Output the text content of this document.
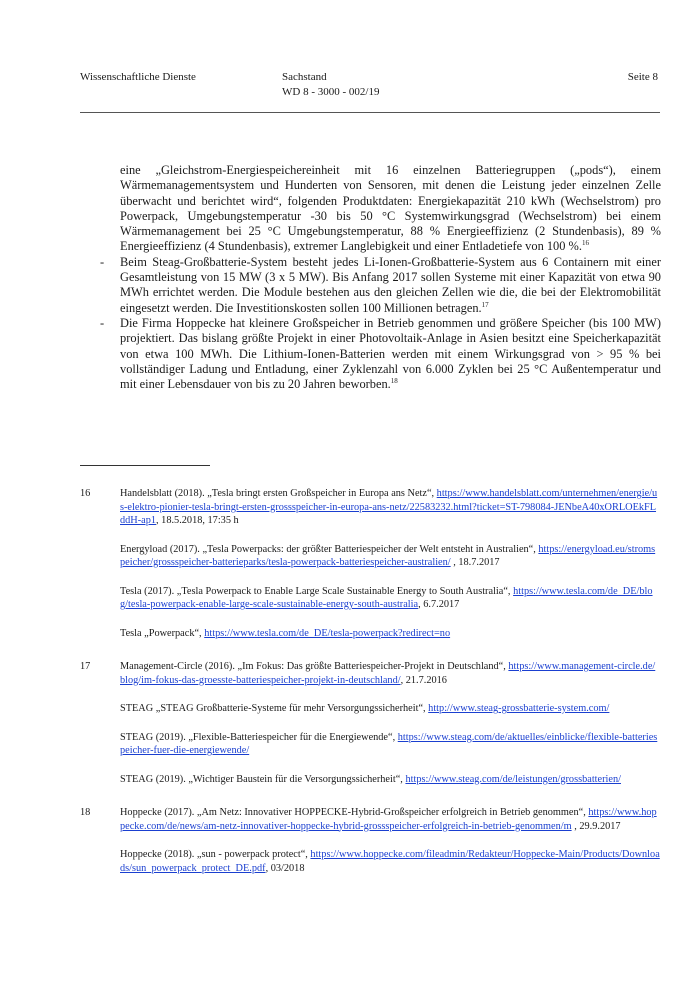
Wissenschaftliche Dienste	Sachstand
WD 8 - 3000 - 002/19
Seite 8

eine „Gleichstrom-Energiespeichereinheit mit 16 einzelnen Batteriegruppen („pods“), einem Wärmemanagementsystem und Hunderten von Sensoren, mit denen die Leistung jeder einzelnen Zelle überwacht und berichtet wird“, folgenden Produktdaten: Energiekapazität 210 kWh (Wechselstrom) pro Powerpack, Umgebungstemperatur -30 bis 50 °C Systemwirkungsgrad (Wechselstrom) bei einem Wärmemanagement bei 25 °C Umgebungstemperatur, 88 % Energieeffizienz (2 Stundenbasis), 89 % Energieeffizienz (4 Stundenbasis), extremer Langlebigkeit und einer Entladetiefe von 100 %.$^{16}$

- Beim Steag-Großbatterie-System besteht jedes Li-Ionen-Großbatterie-System aus 6 Containern mit einer Gesamtleistung von 15 MW (3 x 5 MW). Bis Anfang 2017 sollen Systeme mit einer Kapazität von etwa 90 MWh errichtet werden. Die Module bestehen aus den gleichen Zellen wie die, die bei der Elektromobilität eingesetzt werden. Die Investitionskosten sollen 100 Millionen betragen.$^{17}$

- Die Firma Hoppecke hat kleinere Großspeicher in Betrieb genommen und größere Speicher (bis 100 MW) projektiert. Das bislang größte Projekt in einer Photovoltaik-Anlage in Asien besitzt eine Speicherkapazität von etwa 100 MWh. Die Lithium-Ionen-Batterien werden mit einem Wirkungsgrad von > 95 % bei vollständiger Ladung und Entladung, einer Zyklenzahl von 6.000 Zyklen bei 25 °C Außentemperatur und mit einer Lebensdauer von bis zu 20 Jahren beworben.$^{18}$

16	Handelsblatt (2018). „Tesla bringt ersten Großspeicher in Europa ans Netz“, https://www.handelsblatt.com/unternehmen/energie/us-elektro-pionier-tesla-bringt-ersten-grossspeicher-in-europa-ans-netz/22583232.html?ticket=ST-798084-JENbeA40xORLOEkFLddH-ap1, 18.5.2018, 17:35 h

Energyload (2017). „Tesla Powerpacks: der größter Batteriespeicher der Welt entsteht in Australien“, https://energyload.eu/stromspeicher/grossspeicher-batterieparks/tesla-powerpack-batteriespeicher-australien/ , 18.7.2017

Tesla (2017). „Tesla Powerpack to Enable Large Scale Sustainable Energy to South Australia“, https://www.tesla.com/de_DE/blog/tesla-powerpack-enable-large-scale-sustainable-energy-south-australia, 6.7.2017

Tesla „Powerpack“, https://www.tesla.com/de_DE/tesla-powerpack?redirect=no

17	Management-Circle (2016). „Im Fokus: Das größte Batteriespeicher-Projekt in Deutschland“, https://www.management-circle.de/blog/im-fokus-das-groesste-batteriespeicher-projekt-in-deutschland/, 21.7.2016

STEAG „STEAG Großbatterie-Systeme für mehr Versorgungssicherheit“, http://www.steag-grossbatterie-system.com/

STEAG (2019). „Flexible-Batteriespeicher für die Energiewende“, https://www.steag.com/de/aktuelles/einblicke/flexible-batteriespeicher-fuer-die-energiewende/

STEAG (2019). „Wichtiger Baustein für die Versorgungssicherheit“, https://www.steag.com/de/leistungen/grossbatterien/

18	Hoppecke (2017). „Am Netz: Innovativer HOPPECKE-Hybrid-Großspeicher erfolgreich in Betrieb genommen“, https://www.hoppecke.com/de/news/am-netz-innovativer-hoppecke-hybrid-grossspeicher-erfolgreich-in-betrieb-genommen/m , 29.9.2017

Hoppecke (2018). „sun - powerpack protect“, https://www.hoppecke.com/fileadmin/Redakteur/Hoppecke-Main/Products/Downloads/sun_powerpack_protect_DE.pdf, 03/2018
